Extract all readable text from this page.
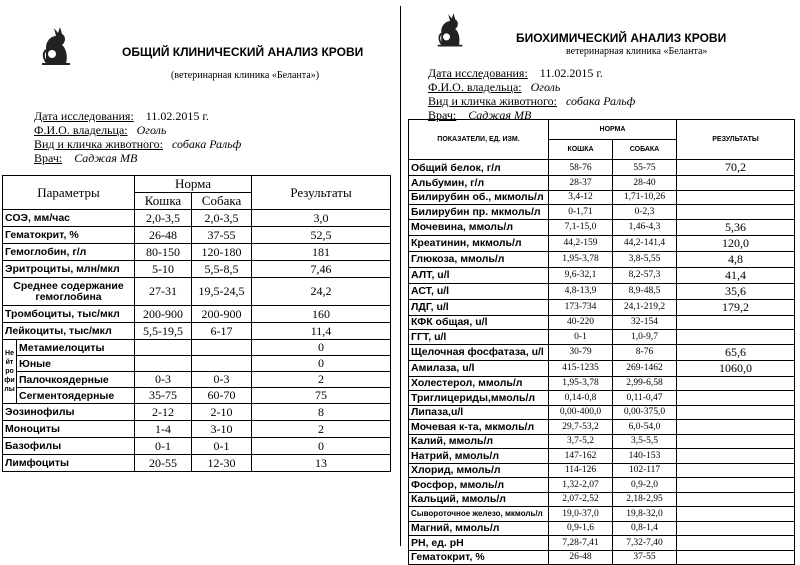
ОБЩИЙ КЛИНИЧЕСКИЙ АНАЛИЗ КРОВИ
(ветеринарная клиника «Беланта»)
Дата исследования: 11.02.2015 г.
Ф.И.О. владельца: Оголь
Вид и кличка животного: собака Ральф
Врач: Саджая МВ
Параметры		Норма		Результаты
		Кошка	Собака	
СОЭ, мм/час		2,0-3,5	2,0-3,5	3,0
Гематокрит, %		26-48	37-55	52,5
Гемоглобин, г/л		80-150	120-180	181
Эритроциты, млн/мкл		5-10	5,5-8,5	7,46
Среднее содержание гемоглобина		27-31	19,5-24,5	24,2
Тромбоциты, тыс/мкл		200-900	200-900	160
Лейкоциты, тыс/мкл		5,5-19,5	6-17	11,4
Не йт ро фи лы	Метамиелоциты			0
	Юные			0
	Палочкоядерные	0-3	0-3	2
	Сегментоядерные	35-75	60-70	75
Эозинофилы		2-12	2-10	8
Моноциты		1-4	3-10	2
Базофилы		0-1	0-1	0
Лимфоциты		20-55	12-30	13
БИОХИМИЧЕСКИЙ АНАЛИЗ КРОВИ
ветеринарная клиника «Беланта»
Дата исследования: 11.02.2015 г.
Ф.И.О. владельца: Оголь
Вид и кличка животного: собака Ральф
Врач: Саджая МВ
ПОКАЗАТЕЛИ, ЕД. ИЗМ.	НОРМА		РЕЗУЛЬТАТЫ
	КОШКА	СОБАКА	
Общий белок, г/л	58-76	55-75	70,2
Альбумин, г/л	28-37	28-40	
Билирубин об., мкмоль/л	3,4-12	1,71-10,26	
Билирубин пр. мкмоль/л	0-1,71	0-2,3	
Мочевина, ммоль/л	7,1-15,0	1,46-4,3	5,36
Креатинин, мкмоль/л	44,2-159	44,2-141,4	120,0
Глюкоза, ммоль/л	1,95-3,78	3,8-5,55	4,8
АЛТ, u/l	9,6-32,1	8,2-57,3	41,4
АСТ, u/l	4,8-13,9	8,9-48,5	35,6
ЛДГ, u/l	173-734	24,1-219,2	179,2
КФК общая, u/l	40-220	32-154	
ГГТ, u/l	0-1	1,0-9,7	
Щелочная фосфатаза, u/l	30-79	8-76	65,6
Амилаза, u/l	415-1235	269-1462	1060,0
Холестерол, ммоль/л	1,95-3,78	2,99-6,58	
Триглицериды,ммоль/л	0,14-0,8	0,11-0,47	
Липаза,u/l	0,00-400,0	0,00-375,0	
Мочевая к-та, мкмоль/л	29,7-53,2	6,0-54,0	
Калий, ммоль/л	3,7-5,2	3,5-5,5	
Натрий, ммоль/л	147-162	140-153	
Хлорид, ммоль/л	114-126	102-117	
Фосфор, ммоль/л	1,32-2,07	0,9-2,0	
Кальций, ммоль/л	2,07-2,52	2,18-2,95	
Сывороточное железо, мкмоль/л	19,0-37,0	19,8-32,0	
Магний, ммоль/л	0,9-1,6	0,8-1,4	
РН, ед. рН	7,28-7,41	7,32-7,40	
Гематокрит, %	26-48	37-55	
